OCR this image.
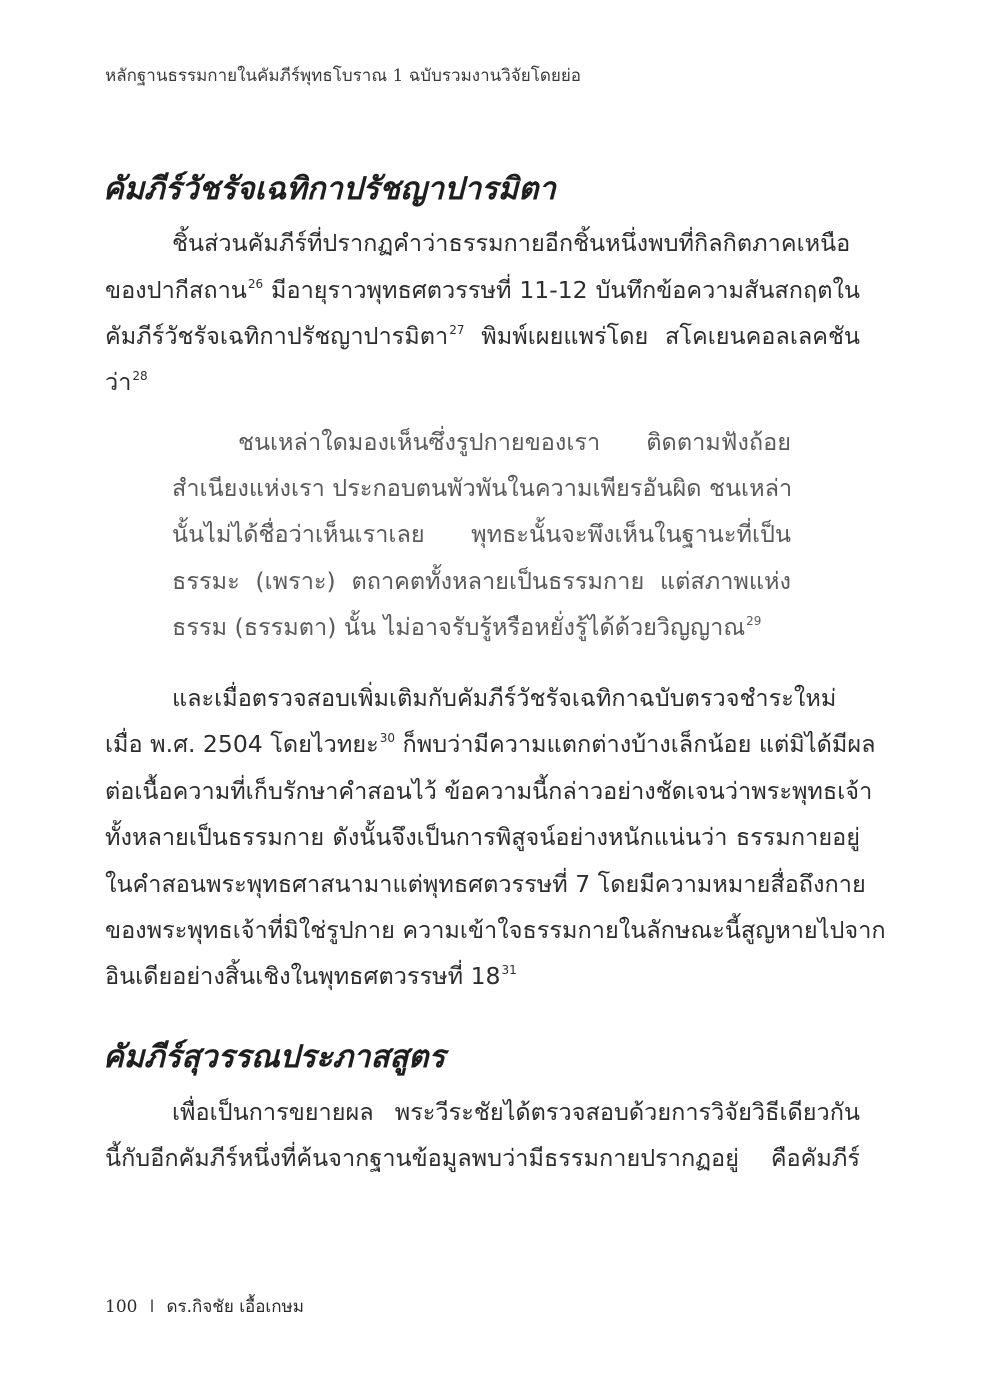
หลักฐานธรรมกายในคัมภีร์พุทธโบราณ 1 ฉบับรวมงานวิจัยโดยย่อ
คัมภีร์วัชรัจเฉทิกาปรัชญาปารมิตา
ชิ้นส่วนคัมภีร์ที่ปรากฏคำว่าธรรมกายอีกชิ้นหนึ่งพบที่กิลกิตภาคเหนือ
ของปากีสถาน$^{26}$ มีอายุราวพุทธศตวรรษที่ 11-12 บันทึกข้อความสันสกฤตใน
คัมภีร์วัชรัจเฉทิกาปรัชญาปารมิตา$^{27}$ พิมพ์เผยแพร่โดย สโคเยนคอลเลคชัน
ว่า$^{28}$
ชนเหล่าใดมองเห็นซึ่งรูปกายของเรา ติดตามฟังถ้อย
สำเนียงแห่งเรา ประกอบตนพัวพันในความเพียรอันผิด ชนเหล่า
นั้นไม่ได้ชื่อว่าเห็นเราเลย พุทธะนั้นจะพึงเห็นในฐานะที่เป็น
ธรรมะ (เพราะ) ตถาคตทั้งหลายเป็นธรรมกาย แต่สภาพแห่ง
ธรรม (ธรรมตา) นั้น ไม่อาจรับรู้หรือหยั่งรู้ได้ด้วยวิญญาณ$^{29}$
และเมื่อตรวจสอบเพิ่มเติมกับคัมภีร์วัชรัจเฉทิกาฉบับตรวจชำระใหม่
เมื่อ พ.ศ. 2504 โดยไวทยะ$^{30}$ ก็พบว่ามีความแตกต่างบ้างเล็กน้อย แต่มิได้มีผล
ต่อเนื้อความที่เก็บรักษาคำสอนไว้ ข้อความนี้กล่าวอย่างชัดเจนว่าพระพุทธเจ้า
ทั้งหลายเป็นธรรมกาย ดังนั้นจึงเป็นการพิสูจน์อย่างหนักแน่นว่า ธรรมกายอยู่
ในคำสอนพระพุทธศาสนามาแต่พุทธศตวรรษที่ 7 โดยมีความหมายสื่อถึงกาย
ของพระพุทธเจ้าที่มิใช่รูปกาย ความเข้าใจธรรมกายในลักษณะนี้สูญหายไปจาก
อินเดียอย่างสิ้นเชิงในพุทธศตวรรษที่ $18^{31}$
คัมภีร์สุวรรณประภาสสูตร
เพื่อเป็นการขยายผล พระวีระชัยได้ตรวจสอบด้วยการวิจัยวิธีเดียวกัน
นี้กับอีกคัมภีร์หนึ่งที่ค้นจากฐานข้อมูลพบว่ามีธรรมกายปรากฏอยู่ คือคัมภีร์
100 I ดร.กิจชัย เอื้อเกษม
